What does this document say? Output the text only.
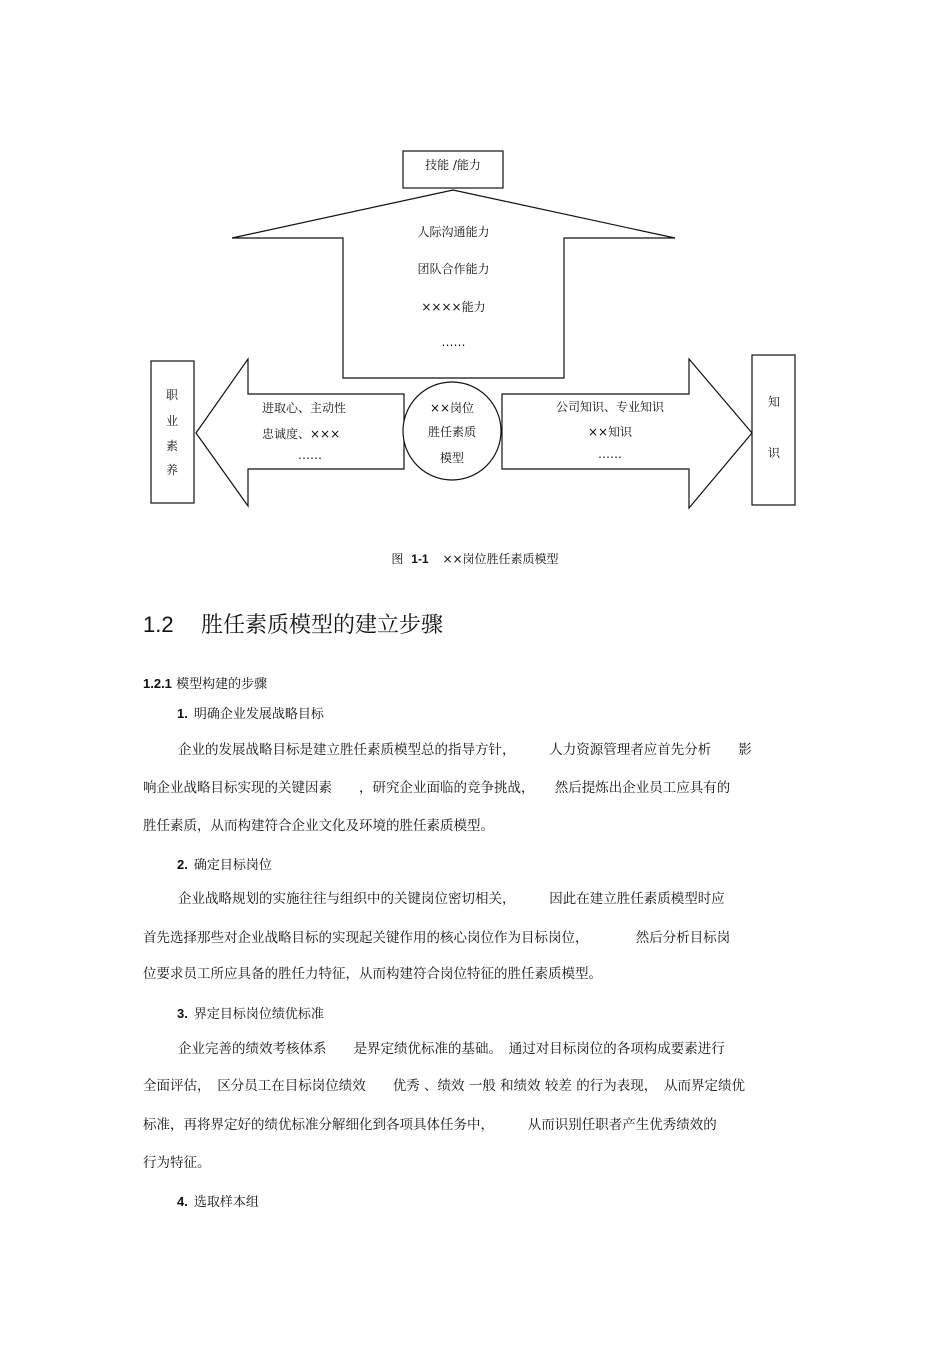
技能 /能力
人际沟通能力
团队合作能力
××××能力
……
××岗位
胜任素质
模型
进取心、主动性
忠诚度、×××
……
公司知识、专业知识
××知识
……
职
业
素
养
知
识
图 1-1 ××岗位胜任素质模型
1.2 胜任素质模型的建立步骤
1.2.1 模型构建的步骤
1. 明确企业发展战略目标
企业的发展战略目标是建立胜任素质模型总的指导方针，　　　人力资源管理者应首先分析　　影
响企业战略目标实现的关键因素　　，研究企业面临的竞争挑战，　　然后提炼出企业员工应具有的
胜任素质，从而构建符合企业文化及环境的胜任素质模型。
2. 确定目标岗位
企业战略规划的实施往往与组织中的关键岗位密切相关，　　　因此在建立胜任素质模型时应
首先选择那些对企业战略目标的实现起关键作用的核心岗位作为目标岗位，　　　　然后分析目标岗
位要求员工所应具备的胜任力特征，从而构建符合岗位特征的胜任素质模型。
3. 界定目标岗位绩优标准
企业完善的绩效考核体系　　是界定绩优标准的基础。　通过对目标岗位的各项构成要素进行
全面评估，　区分员工在目标岗位绩效　　优秀 、绩效 一般 和绩效 较差 的行为表现，　从而界定绩优
标准，再将界定好的绩优标准分解细化到各项具体任务中，　　　从而识别任职者产生优秀绩效的
行为特征。
4. 选取样本组
